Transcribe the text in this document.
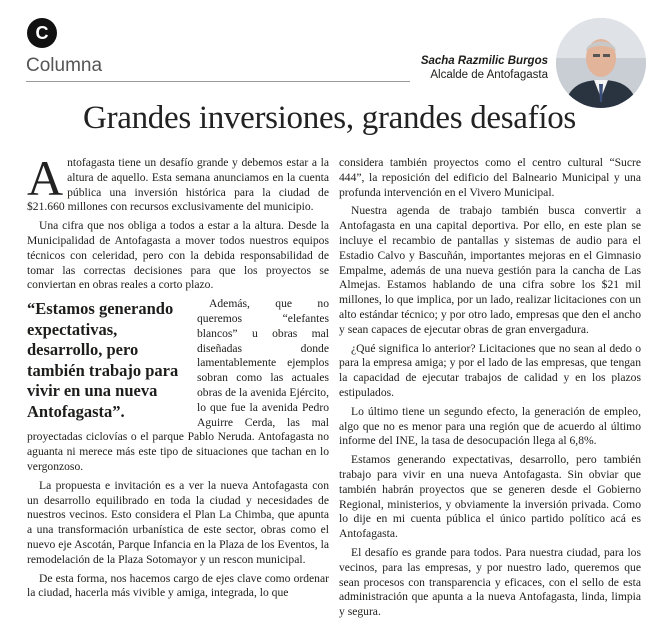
C
Columna	Sacha Razmilic Burgos
Alcalde de Antofagasta
Grandes inversiones, grandes desafíos

A ntofagasta tiene un desafío grande y debemos estar a la altura de aquello. Esta semana anunciamos en la cuenta pública una inversión histórica para la ciudad de $21.660 millones con recursos exclusivamente del municipio.

Una cifra que nos obliga a todos a estar a la altura. Desde la Municipalidad de Antofagasta a mover todos nuestros equipos técnicos con celeridad, pero con la debida responsabilidad de tomar las correctas decisiones para que los proyectos se conviertan en obras reales a corto plazo.

“Estamos generando expectativas, desarrollo, pero también trabajo para vivir en una nueva Antofagasta”.

Además, que no queremos “elefantes blancos” u obras mal diseñadas donde lamentablemente ejemplos sobran como las actuales obras de la avenida Ejército, lo que fue la avenida Pedro Aguirre Cerda, las mal proyectadas ciclovías o el parque Pablo Neruda. Antofagasta no aguanta ni merece más este tipo de situaciones que tachan en lo vergonzoso.

La propuesta e invitación es a ver la nueva Antofagasta con un desarrollo equilibrado en toda la ciudad y necesidades de nuestros vecinos. Esto considera el Plan La Chimba, que apunta a una transformación urbanística de este sector, obras como el nuevo eje Ascotán, Parque Infancia en la Plaza de los Eventos, la remodelación de la Plaza Sotomayor y un rescon municipal.

De esta forma, nos hacemos cargo de ejes clave como ordenar la ciudad, hacerla más vivible y amiga, integrada, lo que

considera también proyectos como el centro cultural “Sucre 444”, la reposición del edificio del Balneario Municipal y una profunda intervención en el Vivero Municipal.

Nuestra agenda de trabajo también busca convertir a Antofagasta en una capital deportiva. Por ello, en este plan se incluye el recambio de pantallas y sistemas de audio para el Estadio Calvo y Bascuñán, importantes mejoras en el Gimnasio Empalme, además de una nueva gestión para la cancha de Las Almejas. Estamos hablando de una cifra sobre los $21 mil millones, lo que implica, por un lado, realizar licitaciones con un alto estándar técnico; y por otro lado, empresas que den el ancho y sean capaces de ejecutar obras de gran envergadura.

¿Qué significa lo anterior? Licitaciones que no sean al dedo o para la empresa amiga; y por el lado de las empresas, que tengan la capacidad de ejecutar trabajos de calidad y en los plazos estipulados.

Lo último tiene un segundo efecto, la generación de empleo, algo que no es menor para una región que de acuerdo al último informe del INE, la tasa de desocupación llega al 6,8%.

Estamos generando expectativas, desarrollo, pero también trabajo para vivir en una nueva Antofagasta. Sin obviar que también habrán proyectos que se generen desde el Gobierno Regional, ministerios, y obviamente la inversión privada. Como lo dije en mi cuenta pública el único partido político acá es Antofagasta.

El desafío es grande para todos. Para nuestra ciudad, para los vecinos, para las empresas, y por nuestro lado, queremos que sean procesos con transparencia y eficaces, con el sello de esta administración que apunta a la nueva Antofagasta, linda, limpia y segura.
